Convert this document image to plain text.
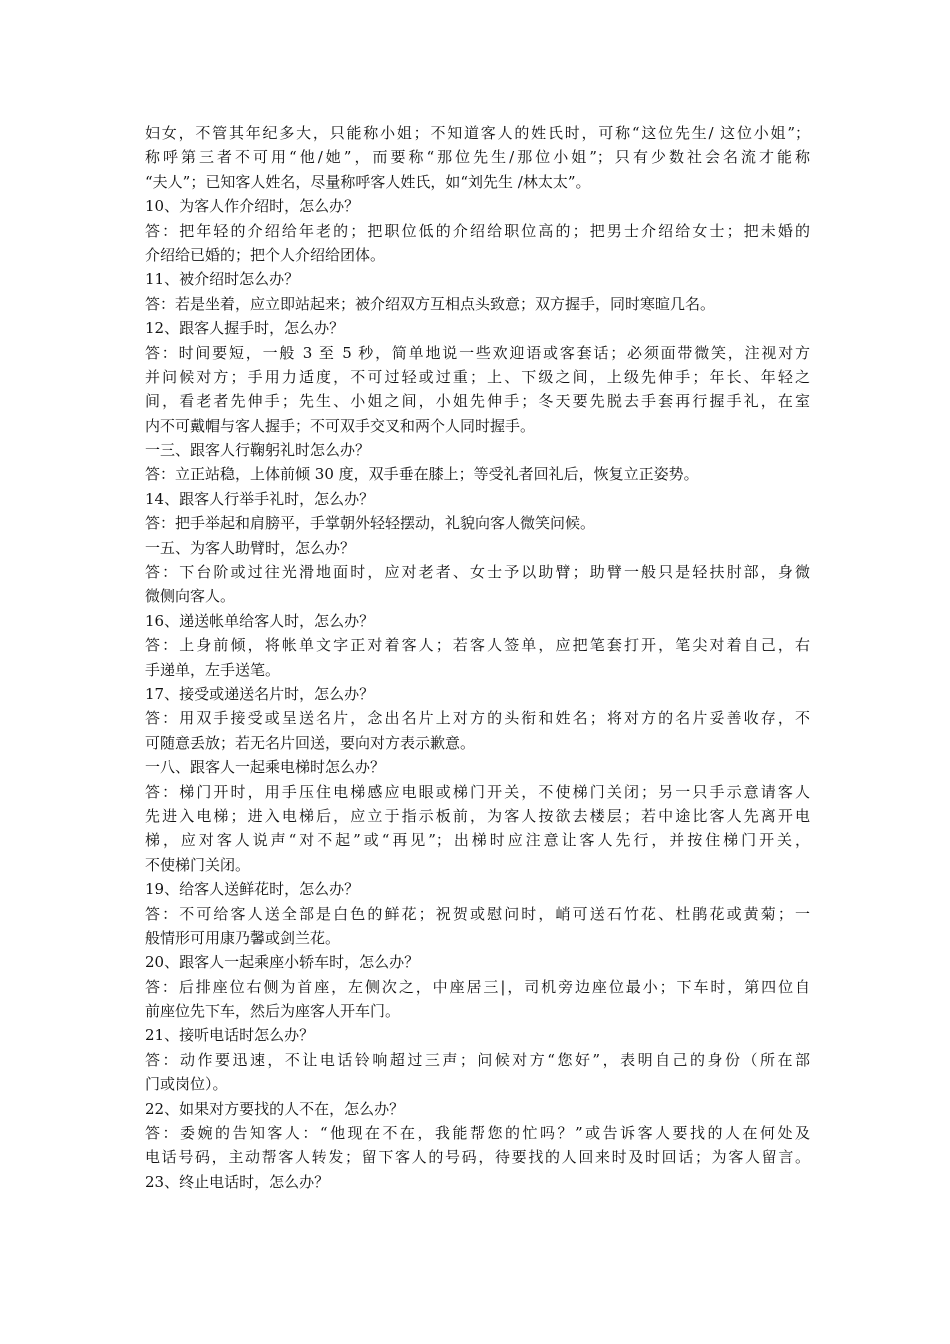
妇女，不管其年纪多大，只能称小姐；不知道客人的姓氏时，可称“这位先生/ 这位小姐”；

称呼第三者不可用“他/她”，而要称“那位先生/那位小姐”；只有少数社会名流才能称

“夫人”；已知客人姓名，尽量称呼客人姓氏，如“刘先生 /林太太”。

10、为客人作介绍时，怎么办？

答：把年轻的介绍给年老的；把职位低的介绍给职位高的；把男士介绍给女士；把未婚的

介绍给已婚的；把个人介绍给团体。

11、被介绍时怎么办？

答：若是坐着，应立即站起来；被介绍双方互相点头致意；双方握手，同时寒暄几名。

12、跟客人握手时，怎么办？

答：时间要短，一般 3 至 5 秒，简单地说一些欢迎语或客套话；必须面带微笑，注视对方

并问候对方；手用力适度，不可过轻或过重；上、下级之间，上级先伸手；年长、年轻之

间，看老者先伸手；先生、小姐之间，小姐先伸手；冬天要先脱去手套再行握手礼，在室

内不可戴帽与客人握手；不可双手交叉和两个人同时握手。

一三、跟客人行鞠躬礼时怎么办？

答：立正站稳，上体前倾 30 度，双手垂在膝上；等受礼者回礼后，恢复立正姿势。

14、跟客人行举手礼时，怎么办？

答：把手举起和肩膀平，手掌朝外轻轻摆动，礼貌向客人微笑问候。

一五、为客人助臂时，怎么办？

答：下台阶或过往光滑地面时，应对老者、女士予以助臂；助臂一般只是轻扶肘部，身微

微侧向客人。

16、递送帐单给客人时，怎么办？

答：上身前倾，将帐单文字正对着客人；若客人签单，应把笔套打开，笔尖对着自己，右

手递单，左手送笔。

17、接受或递送名片时，怎么办？

答：用双手接受或呈送名片，念出名片上对方的头衔和姓名；将对方的名片妥善收存，不

可随意丢放；若无名片回送，要向对方表示歉意。

一八、跟客人一起乘电梯时怎么办？

答：梯门开时，用手压住电梯感应电眼或梯门开关，不使梯门关闭；另一只手示意请客人

先进入电梯；进入电梯后，应立于指示板前，为客人按欲去楼层；若中途比客人先离开电

梯，应对客人说声“对不起”或“再见”；出梯时应注意让客人先行，并按住梯门开关，

不使梯门关闭。

19、给客人送鲜花时，怎么办？

答：不可给客人送全部是白色的鲜花；祝贺或慰问时，峭可送石竹花、杜鹃花或黄菊；一

般情形可用康乃馨或剑兰花。

20、跟客人一起乘座小轿车时，怎么办？

答：后排座位右侧为首座，左侧次之，中座居三|，司机旁边座位最小；下车时，第四位自

前座位先下车，然后为座客人开车门。

21、接听电话时怎么办？

答：动作要迅速，不让电话铃响超过三声；问候对方“您好”，表明自己的身份（所在部

门或岗位）。

22、如果对方要找的人不在，怎么办？

答：委婉的告知客人：“他现在不在，我能帮您的忙吗？”或告诉客人要找的人在何处及

电话号码，主动帮客人转发；留下客人的号码，待要找的人回来时及时回话；为客人留言。

23、终止电话时，怎么办？
